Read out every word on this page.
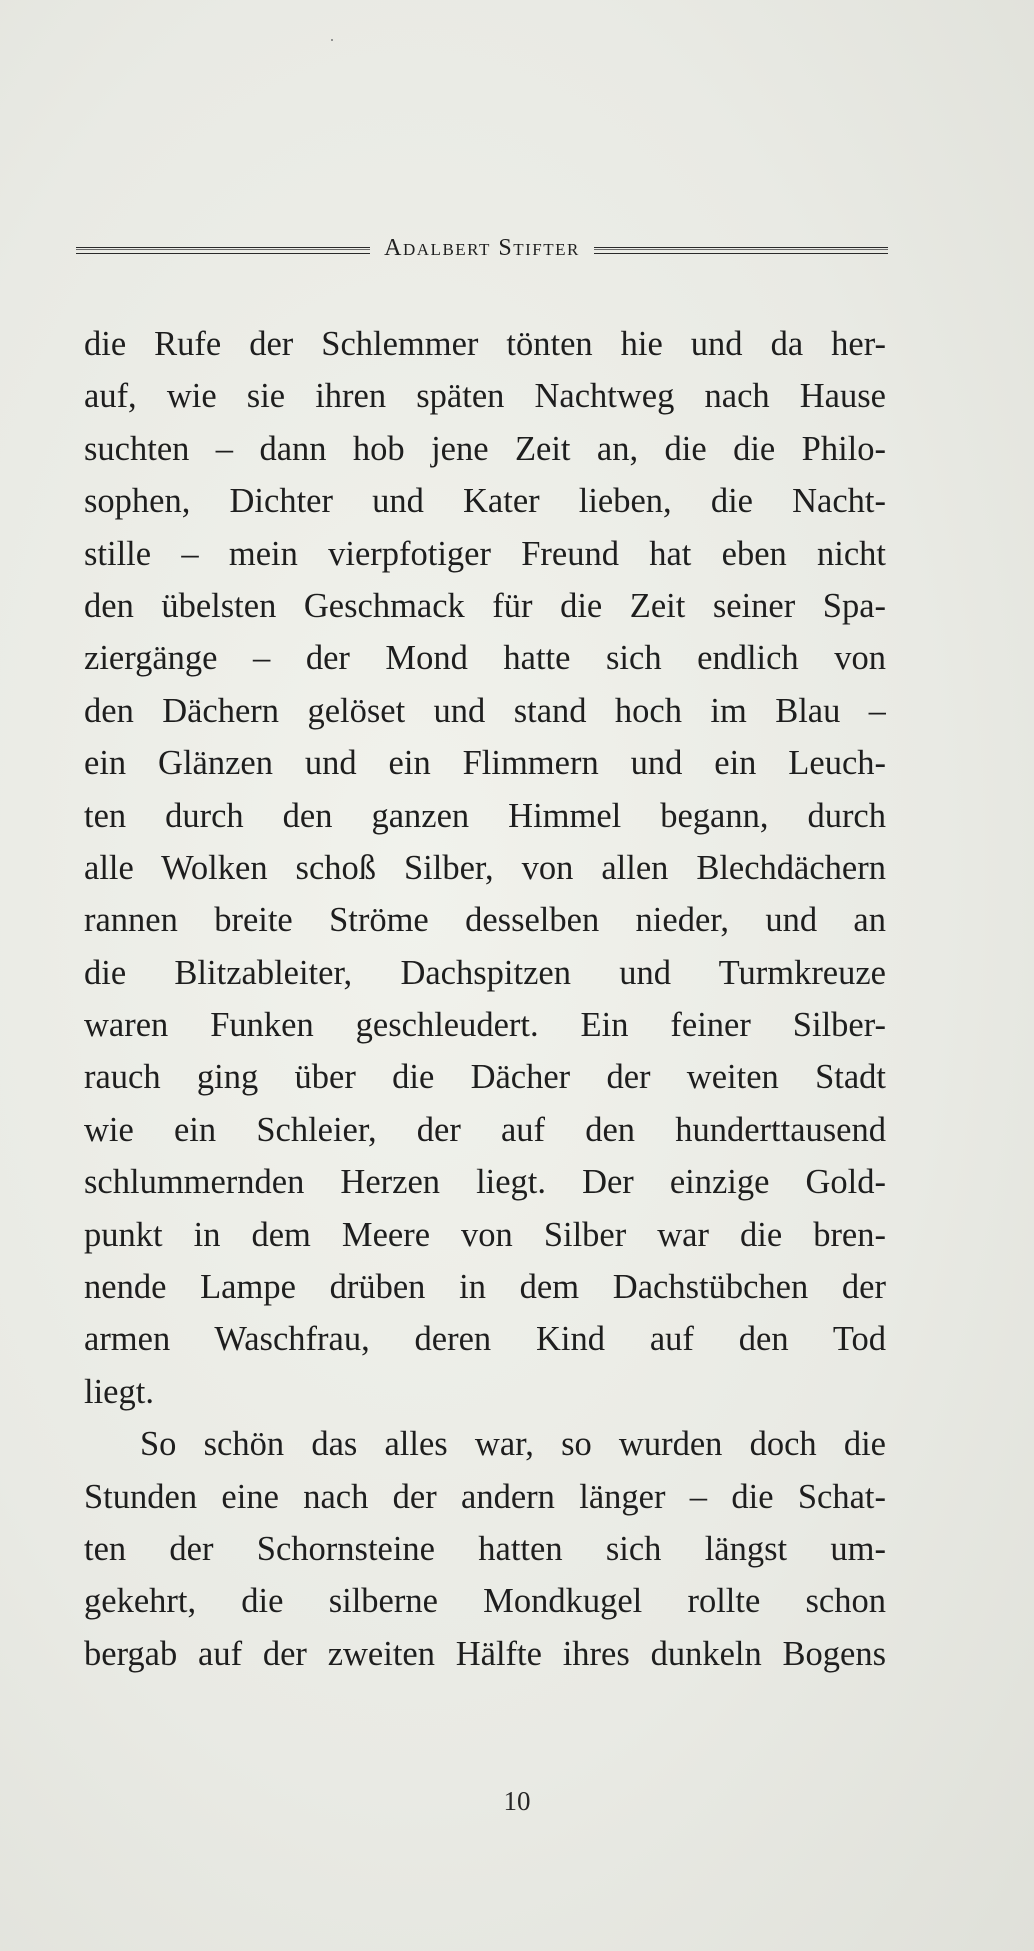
Adalbert Stifter
die Rufe der Schlemmer tönten hie und da her-
auf, wie sie ihren späten Nachtweg nach Hause
suchten – dann hob jene Zeit an, die die Philo-
sophen, Dichter und Kater lieben, die Nacht-
stille – mein vierpfotiger Freund hat eben nicht
den übelsten Geschmack für die Zeit seiner Spa-
ziergänge – der Mond hatte sich endlich von
den Dächern gelöset und stand hoch im Blau –
ein Glänzen und ein Flimmern und ein Leuch-
ten durch den ganzen Himmel begann, durch
alle Wolken schoß Silber, von allen Blechdächern
rannen breite Ströme desselben nieder, und an
die Blitzableiter, Dachspitzen und Turmkreuze
waren Funken geschleudert. Ein feiner Silber-
rauch ging über die Dächer der weiten Stadt
wie ein Schleier, der auf den hunderttausend
schlummernden Herzen liegt. Der einzige Gold-
punkt in dem Meere von Silber war die bren-
nende Lampe drüben in dem Dachstübchen der
armen Waschfrau, deren Kind auf den Tod
liegt.
So schön das alles war, so wurden doch die
Stunden eine nach der andern länger – die Schat-
ten der Schornsteine hatten sich längst um-
gekehrt, die silberne Mondkugel rollte schon
bergab auf der zweiten Hälfte ihres dunkeln Bogens
10
